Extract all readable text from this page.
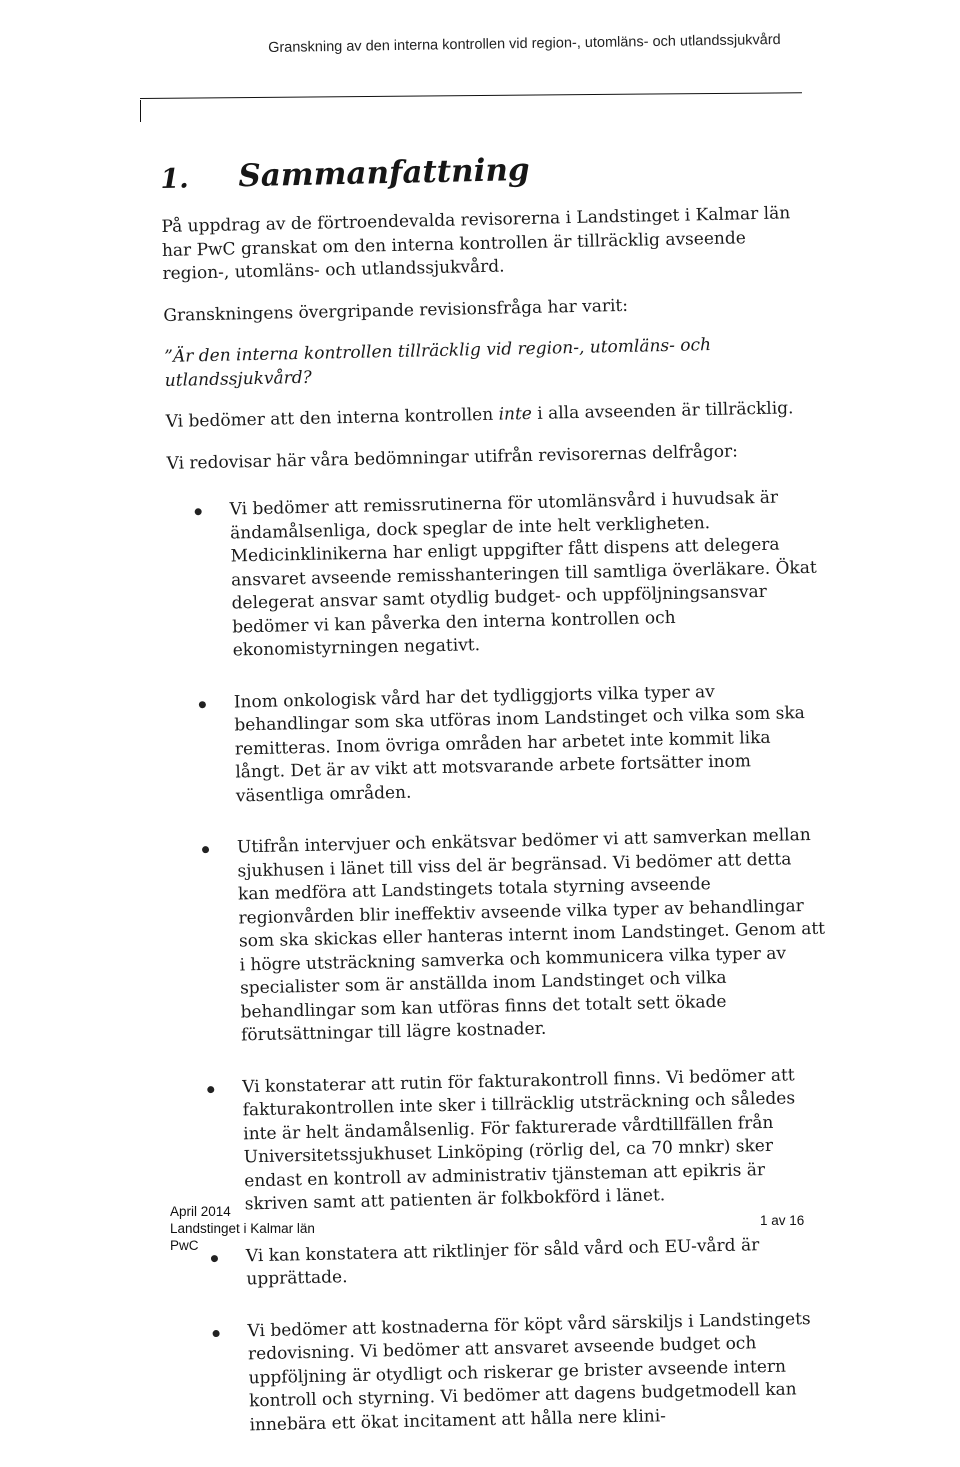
Granskning av den interna kontrollen vid region-, utomläns- och utlandssjukvård
1.	Sammanfattning

På uppdrag av de förtroendevalda revisorerna i Landstinget i Kalmar län har PwC granskat om den interna kontrollen är tillräcklig avseende region-, utomläns- och utlandssjukvård.

Granskningens övergripande revisionsfråga har varit:

”Är den interna kontrollen tillräcklig vid region-, utomläns- och utlandssjukvård?

Vi bedömer att den interna kontrollen inte i alla avseenden är tillräcklig.

Vi redovisar här våra bedömningar utifrån revisorernas delfrågor:

Vi bedömer att remissrutinerna för utomlänsvård i huvudsak är ändamålsenliga, dock speglar de inte helt verkligheten. Medicinklinikerna har enligt uppgifter fått dispens att delegera ansvaret avseende remisshanteringen till samtliga överläkare. Ökat delegerat ansvar samt otydlig budget- och uppföljningsansvar bedömer vi kan påverka den interna kontrollen och ekonomistyrningen negativt.
Inom onkologisk vård har det tydliggjorts vilka typer av behandlingar som ska utföras inom Landstinget och vilka som ska remitteras. Inom övriga områden har arbetet inte kommit lika långt. Det är av vikt att motsvarande arbete fortsätter inom väsentliga områden.
Utifrån intervjuer och enkätsvar bedömer vi att samverkan mellan sjukhusen i länet till viss del är begränsad. Vi bedömer att detta kan medföra att Landstingets totala styrning avseende regionvården blir ineffektiv avseende vilka typer av behandlingar som ska skickas eller hanteras internt inom Landstinget. Genom att i högre utsträckning samverka och kommunicera vilka typer av specialister som är anställda inom Landstinget och vilka behandlingar som kan utföras finns det totalt sett ökade förutsättningar till lägre kostnader.
Vi konstaterar att rutin för fakturakontroll finns. Vi bedömer att fakturakontrollen inte sker i tillräcklig utsträckning och således inte är helt ändamålsenlig. För fakturerade vårdtillfällen från Universitetssjukhuset Linköping (rörlig del, ca 70 mnkr) sker endast en kontroll av administrativ tjänsteman att epikris är skriven samt att patienten är folkbokförd i länet.
Vi kan konstatera att riktlinjer för såld vård och EU-vård är upprättade.
Vi bedömer att kostnaderna för köpt vård särskiljs i Landstingets redovisning. Vi bedömer att ansvaret avseende budget och uppföljning är otydligt och riskerar ge brister avseende intern kontroll och styrning. Vi bedömer att dagens budgetmodell kan innebära ett ökat incitament att hålla nere klini-
April 2014
Landstinget i Kalmar län
PwC
1 av 16
